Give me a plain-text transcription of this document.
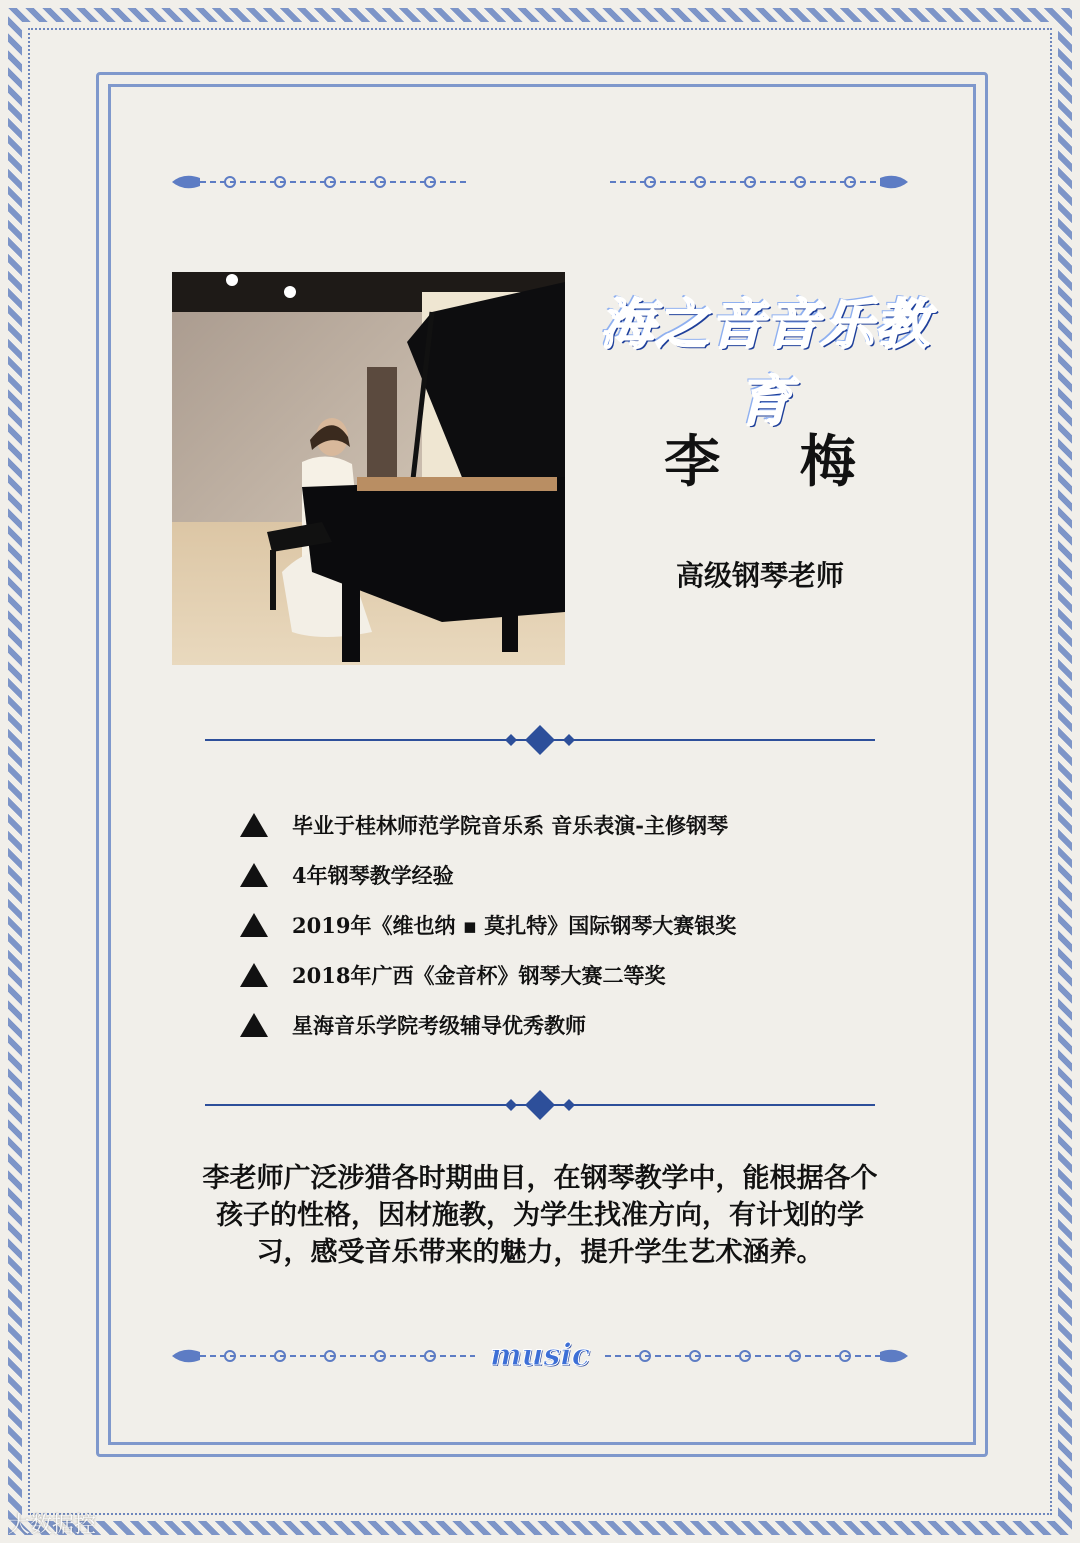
海之音音乐教育
李 梅
高级钢琴老师
毕业于桂林师范学院音乐系 音乐表演-主修钢琴
4年钢琴教学经验
2019年《维也纳 ▪ 莫扎特》国际钢琴大赛银奖
2018年广西《金音杯》钢琴大赛二等奖
星海音乐学院考级辅导优秀教师
李老师广泛涉猎各时期曲目，在钢琴教学中，能根据各个孩子的性格，因材施教，为学生找准方向，有计划的学习，感受音乐带来的魅力，提升学生艺术涵养。
music
大数据控
